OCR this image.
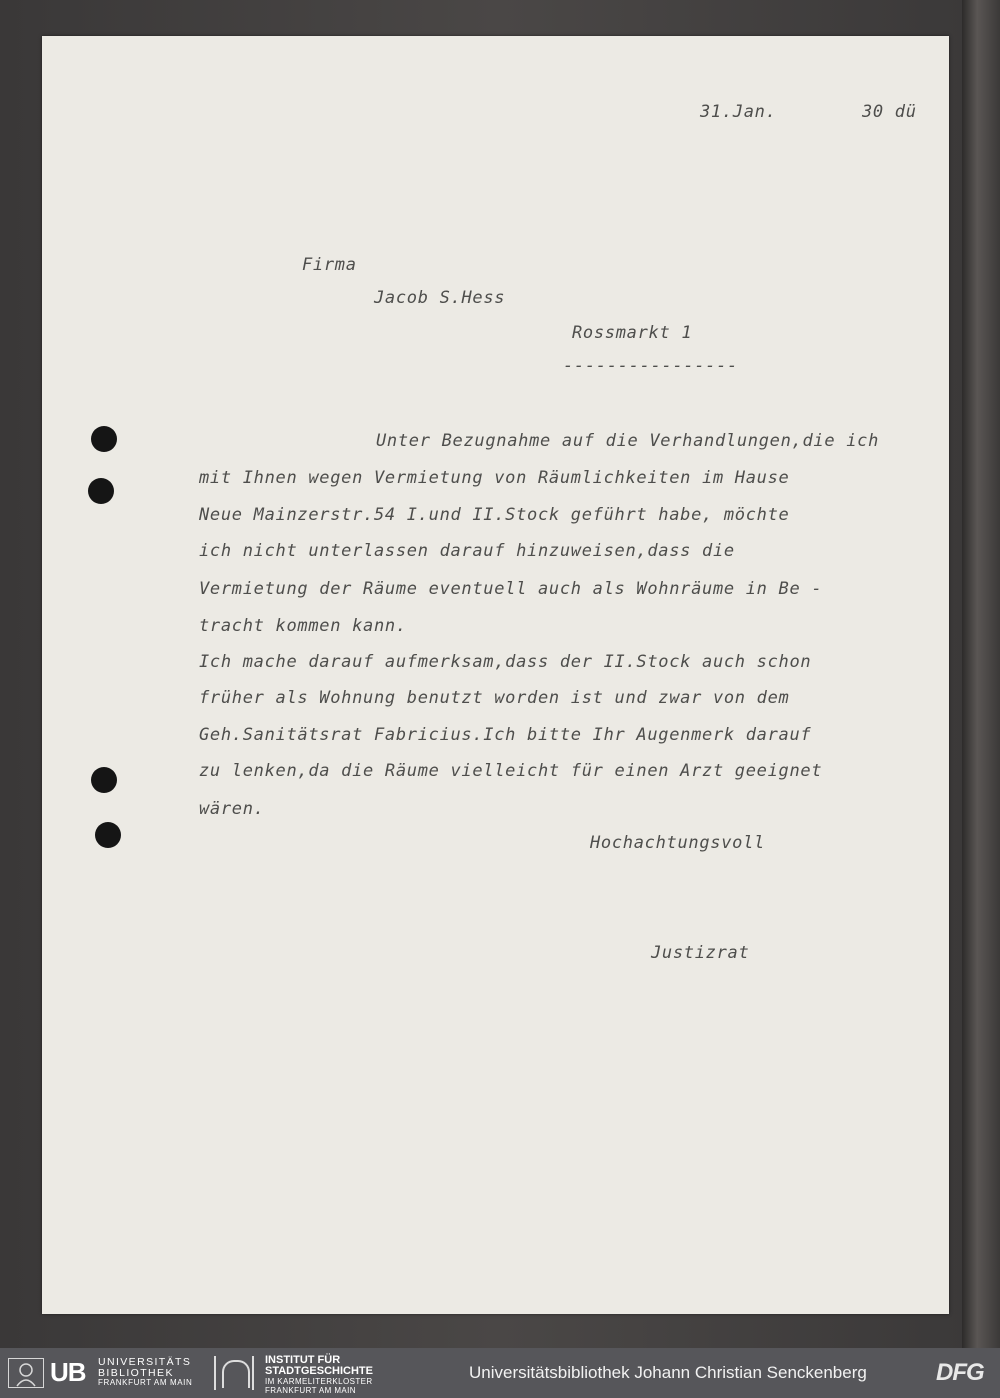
31.Jan.	30 dü
Firma
Jacob S.Hess
Rossmarkt 1
----------------
Unter Bezugnahme auf die Verhandlungen,die ich
mit Ihnen wegen Vermietung von Räumlichkeiten im Hause
Neue Mainzerstr.54 I.und II.Stock geführt habe, möchte
ich nicht unterlassen darauf hinzuweisen,dass die
Vermietung der Räume eventuell auch als Wohnräume in Be -
tracht kommen kann.
Ich mache darauf aufmerksam,dass der II.Stock auch schon
früher als Wohnung benutzt worden ist und zwar von dem
Geh.Sanitätsrat Fabricius.Ich bitte Ihr Augenmerk darauf
zu lenken,da die Räume vielleicht für einen Arzt geeignet
wären.
Hochachtungsvoll
Justizrat
UB UNIVERSITÄTS
BIBLIOTHEK
FRANKFURT AM MAIN
INSTITUT FÜR
STADTGESCHICHTE
IM KARMELITERKLOSTER
FRANKFURT AM MAIN
Universitätsbibliothek Johann Christian Senckenberg	DFG
